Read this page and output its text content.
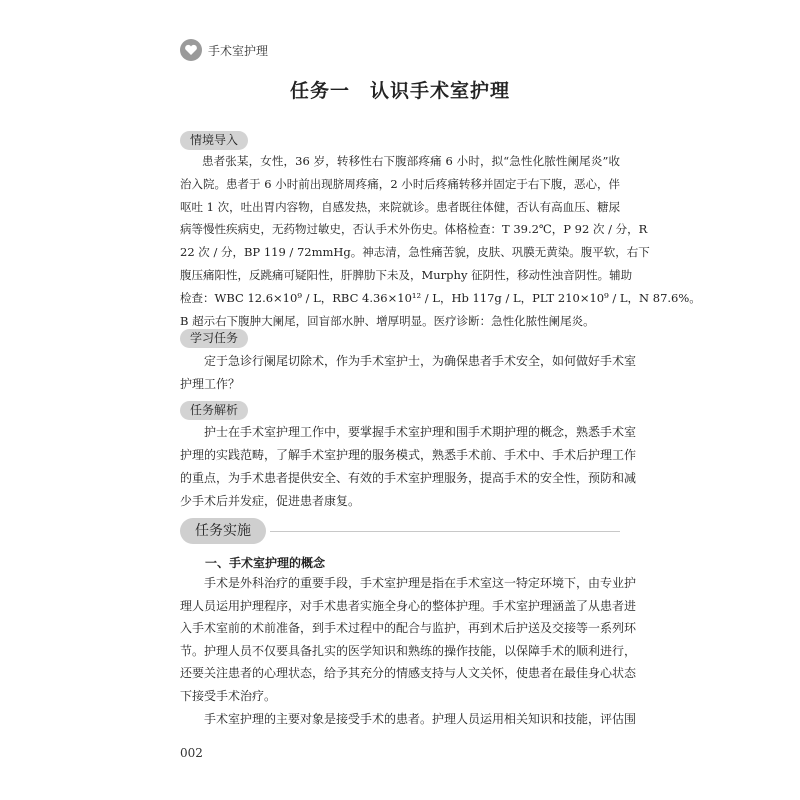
手术室护理
任务一　认识手术室护理
情境导入

患者张某，女性，36 岁，转移性右下腹部疼痛 6 小时，拟“急性化脓性阑尾炎”收

治入院。患者于 6 小时前出现脐周疼痛，2 小时后疼痛转移并固定于右下腹，恶心，伴

呕吐 1 次，吐出胃内容物，自感发热，来院就诊。患者既往体健，否认有高血压、糖尿

病等慢性疾病史，无药物过敏史，否认手术外伤史。体格检查：T 39.2℃，P 92 次 / 分，R

22 次 / 分，BP 119 / 72mmHg。神志清，急性痛苦貌，皮肤、巩膜无黄染。腹平软，右下

腹压痛阳性，反跳痛可疑阳性，肝脾肋下未及，Murphy 征阴性，移动性浊音阴性。辅助

检查：WBC 12.6×10⁹ / L，RBC 4.36×10¹² / L，Hb 117g / L，PLT 210×10⁹ / L，N 87.6%。

B 超示右下腹肿大阑尾，回盲部水肿、增厚明显。医疗诊断：急性化脓性阑尾炎。

学习任务

定于急诊行阑尾切除术，作为手术室护士，为确保患者手术安全，如何做好手术室

护理工作？

任务解析

护士在手术室护理工作中，要掌握手术室护理和围手术期护理的概念，熟悉手术室

护理的实践范畴，了解手术室护理的服务模式，熟悉手术前、手术中、手术后护理工作

的重点，为手术患者提供安全、有效的手术室护理服务，提高手术的安全性，预防和减

少手术后并发症，促进患者康复。

任务实施
一、手术室护理的概念

手术是外科治疗的重要手段，手术室护理是指在手术室这一特定环境下，由专业护

理人员运用护理程序，对手术患者实施全身心的整体护理。手术室护理涵盖了从患者进

入手术室前的术前准备，到手术过程中的配合与监护，再到术后护送及交接等一系列环

节。护理人员不仅要具备扎实的医学知识和熟练的操作技能，以保障手术的顺利进行，

还要关注患者的心理状态，给予其充分的情感支持与人文关怀，使患者在最佳身心状态

下接受手术治疗。

手术室护理的主要对象是接受手术的患者。护理人员运用相关知识和技能，评估围

002
